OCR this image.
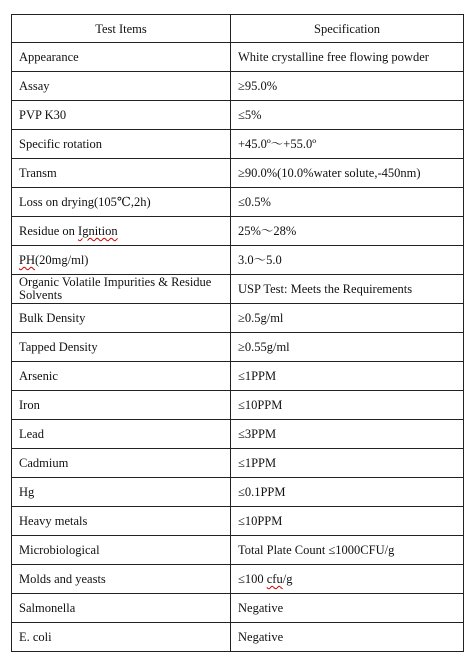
Test Items	Specification
Appearance	White crystalline free flowing powder
Assay	≥95.0%
PVP K30	≤5%
Specific rotation	+45.0º～+55.0º
Transm	≥90.0%(10.0%water solute,-450nm)
Loss on drying(105℃,2h)	≤0.5%
Residue on Ignition	25%～28%
PH(20mg/ml)	3.0～5.0
Organic Volatile Impurities & Residue Solvents	USP Test: Meets the Requirements
Bulk Density	≥0.5g/ml
Tapped Density	≥0.55g/ml
Arsenic	≤1PPM
Iron	≤10PPM
Lead	≤3PPM
Cadmium	≤1PPM
Hg	≤0.1PPM
Heavy metals	≤10PPM
Microbiological	Total Plate Count ≤1000CFU/g
Molds and yeasts	≤100 cfu/g
Salmonella	Negative
E. coli	Negative
